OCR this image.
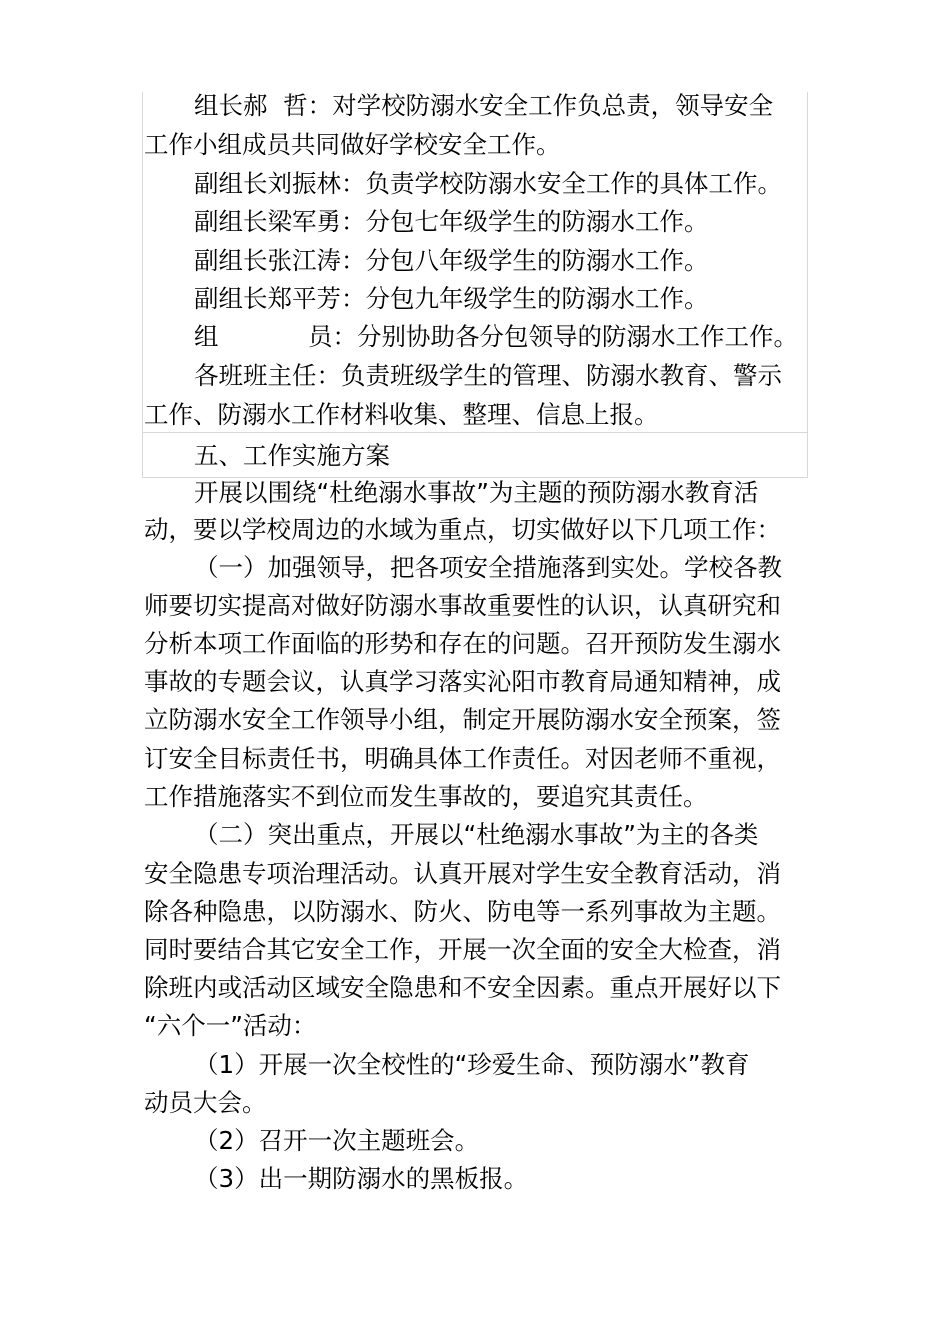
组长郝  哲：对学校防溺水安全工作负总责，领导安全
工作小组成员共同做好学校安全工作。
副组长刘振林：负责学校防溺水安全工作的具体工作。
副组长梁军勇：分包七年级学生的防溺水工作。
副组长张江涛：分包八年级学生的防溺水工作。
副组长郑平芳：分包九年级学生的防溺水工作。
组	员：分别协助各分包领导的防溺水工作工作。
各班班主任：负责班级学生的管理、防溺水教育、警示
工作、防溺水工作材料收集、整理、信息上报。
五、工作实施方案
开展以围绕“杜绝溺水事故”为主题的预防溺水教育活
动，要以学校周边的水域为重点，切实做好以下几项工作：
（一）加强领导，把各项安全措施落到实处。学校各教
师要切实提高对做好防溺水事故重要性的认识，认真研究和
分析本项工作面临的形势和存在的问题。召开预防发生溺水
事故的专题会议，认真学习落实沁阳市教育局通知精神，成
立防溺水安全工作领导小组，制定开展防溺水安全预案，签
订安全目标责任书，明确具体工作责任。对因老师不重视，
工作措施落实不到位而发生事故的，要追究其责任。
（二）突出重点，开展以“杜绝溺水事故”为主的各类
安全隐患专项治理活动。认真开展对学生安全教育活动，消
除各种隐患，以防溺水、防火、防电等一系列事故为主题。
同时要结合其它安全工作，开展一次全面的安全大检查，消
除班内或活动区域安全隐患和不安全因素。重点开展好以下
“六个一”活动：
（1）开展一次全校性的“珍爱生命、预防溺水”教育
动员大会。
（2）召开一次主题班会。
（3）出一期防溺水的黑板报。
